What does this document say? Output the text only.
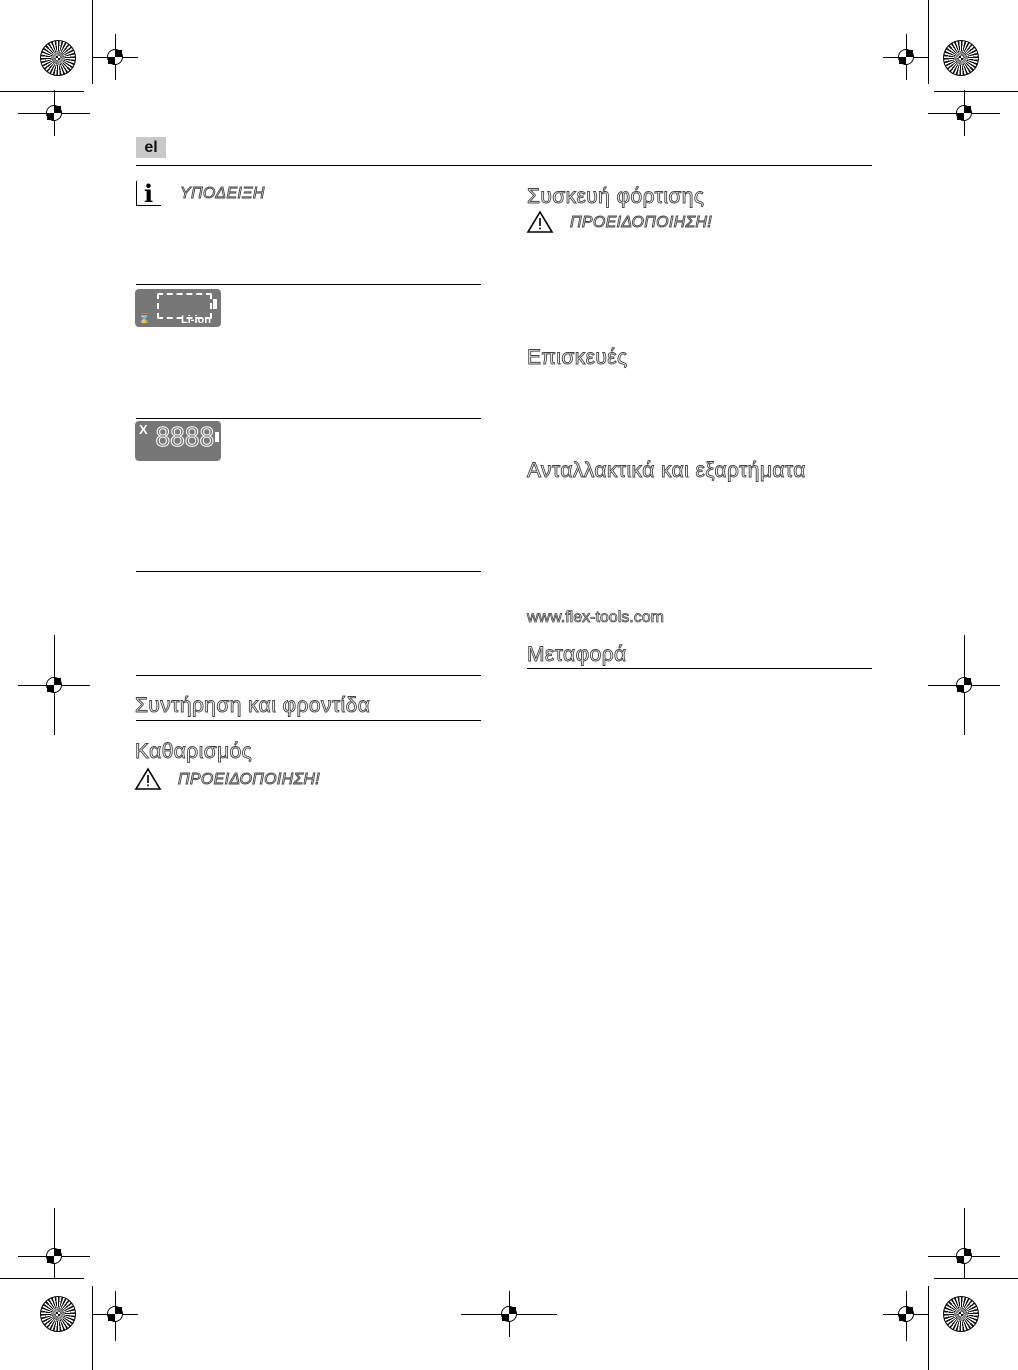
el
i ΥΠΟΔΕΙΞΗ
⌛	Li-ion
X 8888
Συντήρηση και φροντίδα
Καθαρισμός
ΠΡΟΕΙΔΟΠΟΙΗΣΗ!
Συσκευή φόρτισης
ΠΡΟΕΙΔΟΠΟΙΗΣΗ!
Επισκευές
Ανταλλακτικά και εξαρτήματα
www.flex-tools.com
Μεταφορά
